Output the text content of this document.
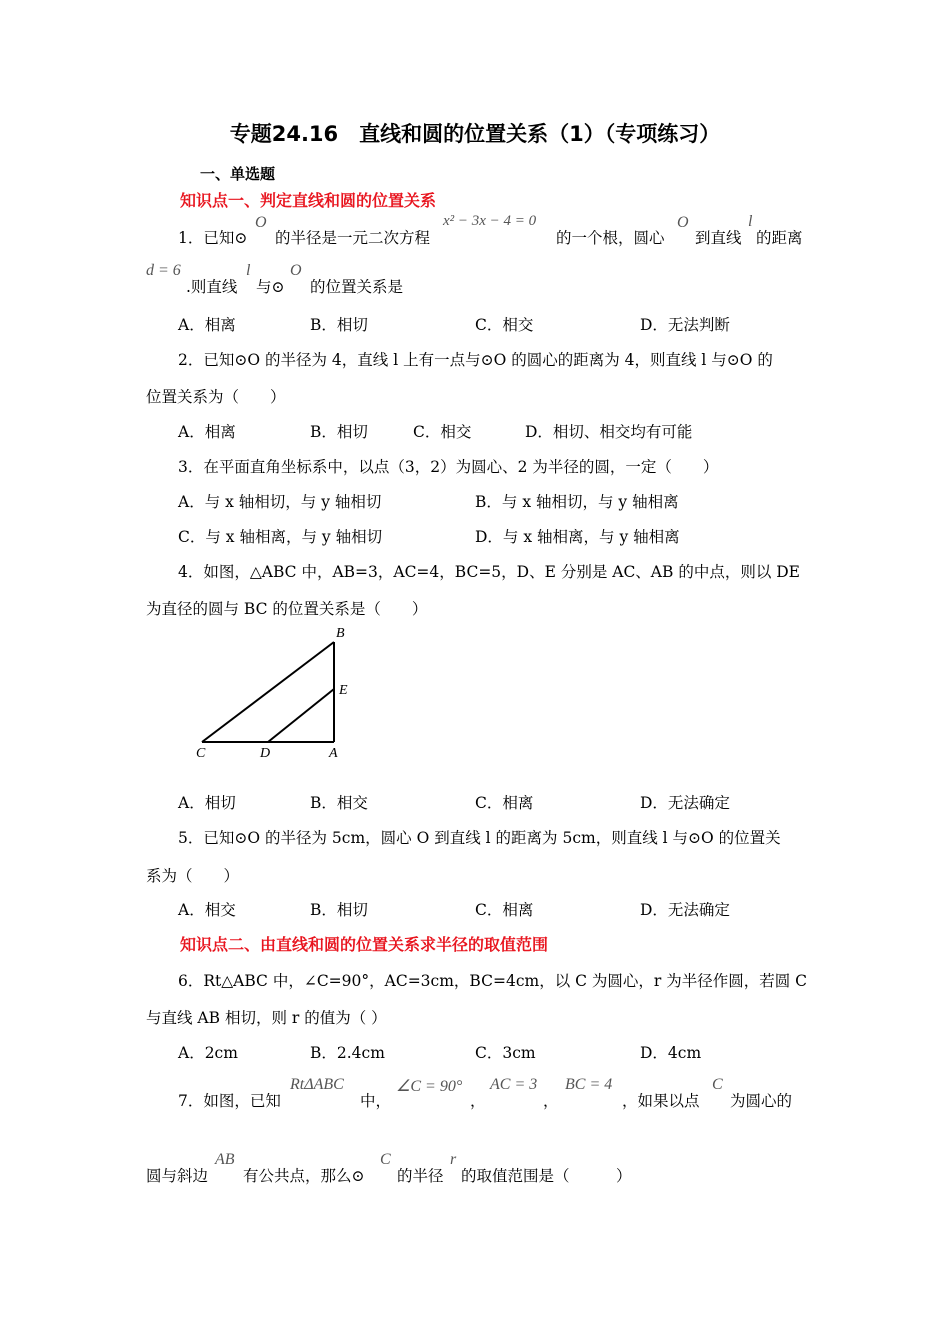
专题24.16　直线和圆的位置关系（1）（专项练习）
一、单选题
知识点一、判定直线和圆的位置关系
1．已知⊙
O
的半径是一元二次方程
x² − 3x − 4 = 0
的一个根，圆心
O
到直线
l
的距离
d = 6
.则直线
l
与⊙
O
的位置关系是
A．相离	B．相切	C．相交	D．无法判断
2．已知⊙O 的半径为 4，直线 l 上有一点与⊙O 的圆心的距离为 4，则直线 l 与⊙O 的
位置关系为（　　）
A．相离	B．相切	C．相交	D．相切、相交均有可能
3．在平面直角坐标系中，以点（3，2）为圆心、2 为半径的圆，一定（　　）
A．与 x 轴相切，与 y 轴相切	B．与 x 轴相切，与 y 轴相离
C．与 x 轴相离，与 y 轴相切	D．与 x 轴相离，与 y 轴相离
4．如图，△ABC 中，AB=3，AC=4，BC=5，D、E 分别是 AC、AB 的中点，则以 DE
为直径的圆与 BC 的位置关系是（　　）
B
E
C	D	A
A．相切	B．相交	C．相离	D．无法确定
5．已知⊙O 的半径为 5cm，圆心 O 到直线 l 的距离为 5cm，则直线 l 与⊙O 的位置关
系为（　　）
A．相交	B．相切	C．相离	D．无法确定
知识点二、由直线和圆的位置关系求半径的取值范围
6．Rt△ABC 中，∠C=90°，AC=3cm，BC=4cm，以 C 为圆心，r 为半径作圆，若圆 C
与直线 AB 相切，则 r 的值为（ ）
A．2cm	B．2.4cm	C．3cm	D．4cm
7．如图，已知
RtΔABC
中，
∠C = 90°
，
AC = 3
，
BC = 4
，如果以点
C
为圆心的
圆与斜边
AB
有公共点，那么⊙
C
的半径
r
的取值范围是（　　　）
